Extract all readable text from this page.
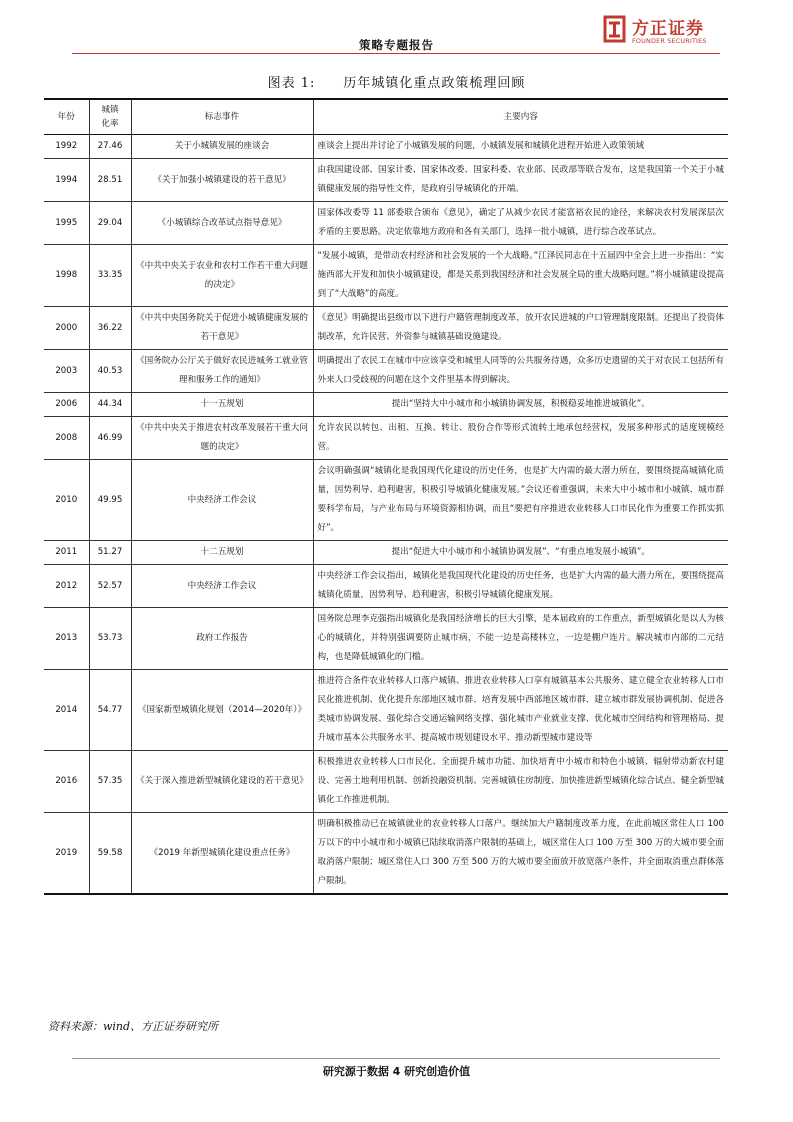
策略专题报告
方正证券
FOUNDER SECURITIES
图表 1: 历年城镇化重点政策梳理回顾
年份	城镇化率	标志事件	主要内容
1992	27.46	关于小城镇发展的座谈会	座谈会上提出并讨论了小城镇发展的问题，小城镇发展和城镇化进程开始进入政策领域
1994	28.51	《关于加强小城镇建设的若干意见》	由我国建设部、国家计委、国家体改委、国家科委、农业部、民政部等联合发布，这是我国第一个关于小城镇健康发展的指导性文件，是政府引导城镇化的开端。
1995	29.04	《小城镇综合改革试点指导意见》	国家体改委等 11 部委联合颁布《意见》，确定了从减少农民才能富裕农民的途径，来解决农村发展深层次矛盾的主要思路。决定依靠地方政府和各有关部门，选择一批小城镇，进行综合改革试点。
1998	33.35	《中共中央关于农业和农村工作若干重大问题的决定》	“发展小城镇，是带动农村经济和社会发展的一个大战略。”江泽民同志在十五届四中全会上进一步指出：“实施西部大开发和加快小城镇建设，都是关系到我国经济和社会发展全局的重大战略问题。”将小城镇建设提高到了“大战略”的高度。
2000	36.22	《中共中央国务院关于促进小城镇健康发展的若干意见》	《意见》明确提出县级市以下进行户籍管理制度改革，放开农民进城的户口管理制度限制。还提出了投资体制改革，允许民营、外资参与城镇基础设施建设。
2003	40.53	《国务院办公厅关于做好农民进城务工就业管理和服务工作的通知》	明确提出了农民工在城市中应该享受和城里人同等的公共服务待遇，众多历史遗留的关于对农民工包括所有外来人口受歧视的问题在这个文件里基本得到解决。
2006	44.34	十一五规划	提出“坚持大中小城市和小城镇协调发展，积极稳妥地推进城镇化”。
2008	46.99	《中共中央关于推进农村改革发展若干重大问题的决定》	允许农民以转包、出租、互换、转让、股份合作等形式流转土地承包经营权，发展多种形式的适度规模经营。
2010	49.95	中央经济工作会议	会议明确强调“城镇化是我国现代化建设的历史任务，也是扩大内需的最大潜力所在，要围绕提高城镇化质量，因势利导、趋利避害，积极引导城镇化健康发展。”会议还着重强调，未来大中小城市和小城镇、城市群要科学布局，与产业布局与环境资源相协调，而且“要把有序推进农业转移人口市民化作为重要工作抓实抓好”。
2011	51.27	十二五规划	提出“促进大中小城市和小城镇协调发展”、“有重点地发展小城镇”。
2012	52.57	中央经济工作会议	中央经济工作会议指出，城镇化是我国现代化建设的历史任务，也是扩大内需的最大潜力所在，要围绕提高城镇化质量，因势利导、趋利避害，积极引导城镇化健康发展。
2013	53.73	政府工作报告	国务院总理李克强指出城镇化是我国经济增长的巨大引擎，是本届政府的工作重点，新型城镇化是以人为核心的城镇化，并特别强调要防止城市病，不能一边是高楼林立，一边是棚户连片。解决城市内部的二元结构，也是降低城镇化的门槛。
2014	54.77	《国家新型城镇化规划（2014—2020年）》	推进符合条件农业转移人口落户城镇、推进农业转移人口享有城镇基本公共服务、建立健全农业转移人口市民化推进机制、优化提升东部地区城市群、培育发展中西部地区城市群、建立城市群发展协调机制、促进各类城市协调发展、强化综合交通运输网络支撑、强化城市产业就业支撑、优化城市空间结构和管理格局、提升城市基本公共服务水平、提高城市规划建设水平、推动新型城市建设等
2016	57.35	《关于深入推进新型城镇化建设的若干意见》	积极推进农业转移人口市民化、全面提升城市功能、加快培育中小城市和特色小城镇、辐射带动新农村建设、完善土地利用机制、创新投融资机制、完善城镇住房制度、加快推进新型城镇化综合试点、健全新型城镇化工作推进机制。
2019	59.58	《2019 年新型城镇化建设重点任务》	明确积极推动已在城镇就业的农业转移人口落户。继续加大户籍制度改革力度，在此前城区常住人口 100 万以下的中小城市和小城镇已陆续取消落户限制的基础上，城区常住人口 100 万至 300 万的大城市要全面取消落户限制；城区常住人口 300 万至 500 万的大城市要全面放开放宽落户条件，并全面取消重点群体落户限制。
资料来源：wind、方正证券研究所
研究源于数据 4 研究创造价值
